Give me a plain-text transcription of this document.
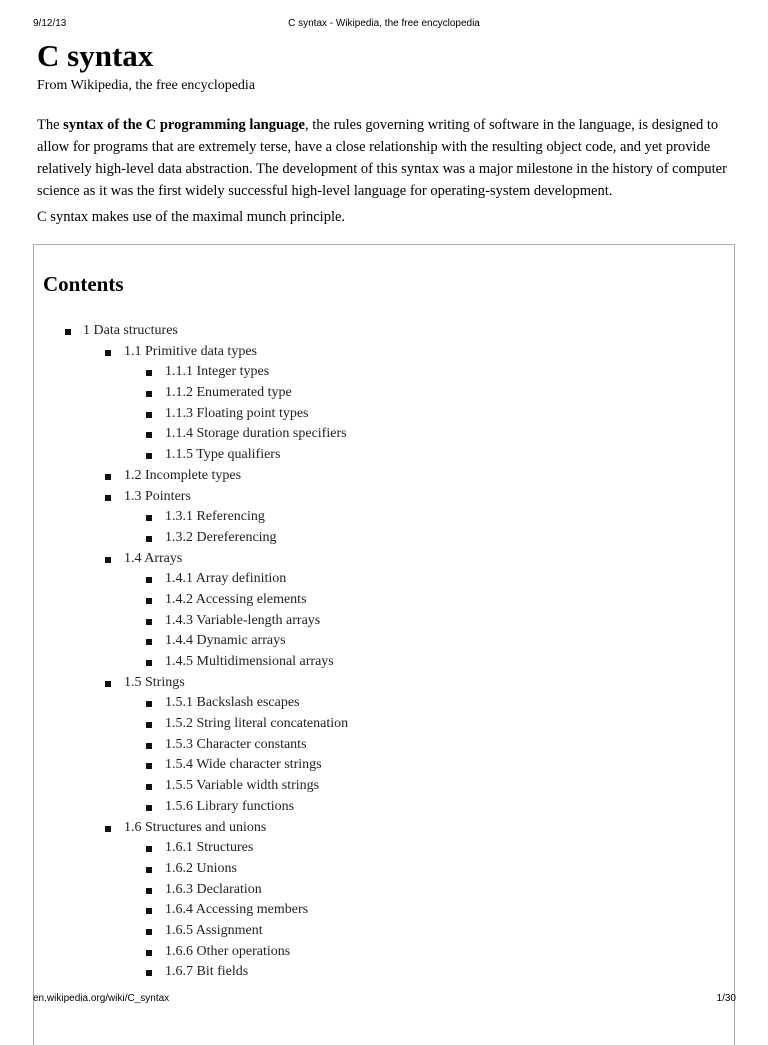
9/12/13	C syntax - Wikipedia, the free encyclopedia
C syntax
From Wikipedia, the free encyclopedia

The syntax of the C programming language, the rules governing writing of software in the language, is designed to allow for programs that are extremely terse, have a close relationship with the resulting object code, and yet provide relatively high-level data abstraction. The development of this syntax was a major milestone in the history of computer science as it was the first widely successful high-level language for operating-system development.

C syntax makes use of the maximal munch principle.

Contents
1 Data structures
1.1 Primitive data types
1.1.1 Integer types
1.1.2 Enumerated type
1.1.3 Floating point types
1.1.4 Storage duration specifiers
1.1.5 Type qualifiers
1.2 Incomplete types
1.3 Pointers
1.3.1 Referencing
1.3.2 Dereferencing
1.4 Arrays
1.4.1 Array definition
1.4.2 Accessing elements
1.4.3 Variable-length arrays
1.4.4 Dynamic arrays
1.4.5 Multidimensional arrays
1.5 Strings
1.5.1 Backslash escapes
1.5.2 String literal concatenation
1.5.3 Character constants
1.5.4 Wide character strings
1.5.5 Variable width strings
1.5.6 Library functions
1.6 Structures and unions
1.6.1 Structures
1.6.2 Unions
1.6.3 Declaration
1.6.4 Accessing members
1.6.5 Assignment
1.6.6 Other operations
1.6.7 Bit fields
en.wikipedia.org/wiki/C_syntax	1/30
